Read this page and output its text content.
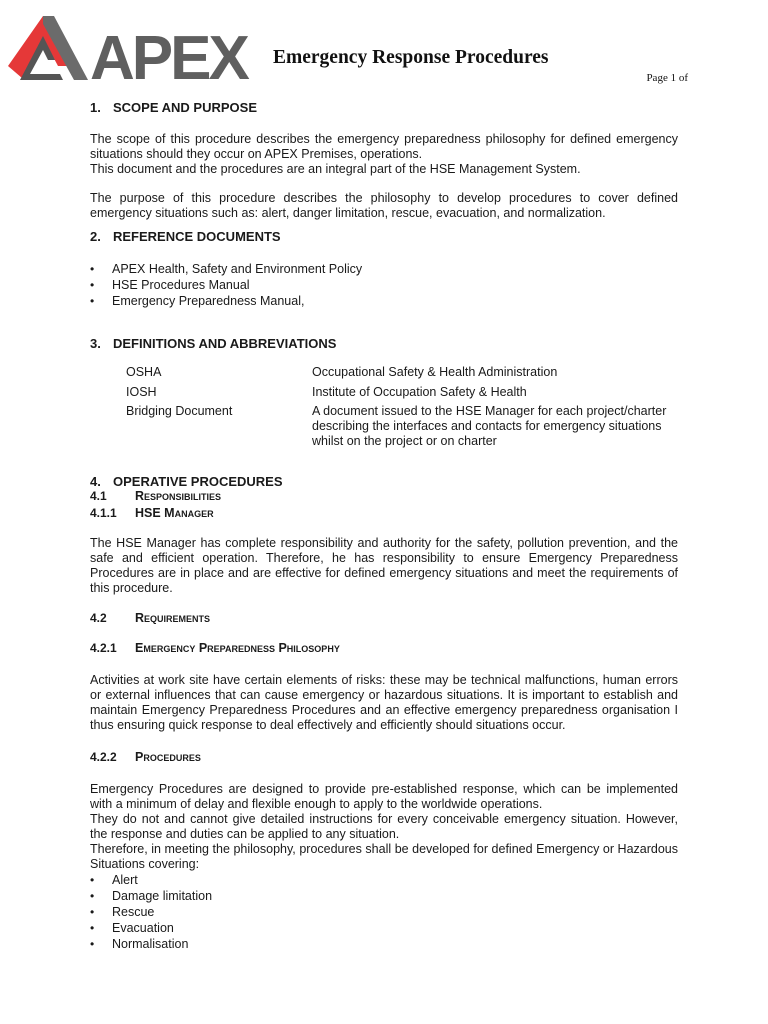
APEX Emergency Response Procedures
Page 1 of
1. SCOPE AND PURPOSE

The scope of this procedure describes the emergency preparedness philosophy for defined emergency situations should they occur on APEX Premises, operations.

This document and the procedures are an integral part of the HSE Management System.

The purpose of this procedure describes the philosophy to develop procedures to cover defined emergency situations such as: alert, danger limitation, rescue, evacuation, and normalization.

2. REFERENCE DOCUMENTS
• APEX Health, Safety and Environment Policy
• HSE Procedures Manual
• Emergency Preparedness Manual,
3. DEFINITIONS AND ABBREVIATIONS
OSHA	Occupational Safety & Health Administration
IOSH	Institute of Occupation Safety & Health
Bridging Document	A document issued to the HSE Manager for each project/charter describing the interfaces and contacts for emergency situations whilst on the project or on charter
4. OPERATIVE PROCEDURES
4.1	Responsibilities
4.1.1	HSE Manager

The HSE Manager has complete responsibility and authority for the safety, pollution prevention, and the safe and efficient operation. Therefore, he has responsibility to ensure Emergency Preparedness Procedures are in place and are effective for defined emergency situations and meet the requirements of this procedure.

4.2	Requirements
4.2.1	Emergency Preparedness Philosophy

Activities at work site have certain elements of risks: these may be technical malfunctions, human errors or external influences that can cause emergency or hazardous situations. It is important to establish and maintain Emergency Preparedness Procedures and an effective emergency preparedness organisation I thus ensuring quick response to deal effectively and efficiently should situations occur.

4.2.2	Procedures

Emergency Procedures are designed to provide pre-established response, which can be implemented with a minimum of delay and flexible enough to apply to the worldwide operations.

They do not and cannot give detailed instructions for every conceivable emergency situation. However, the response and duties can be applied to any situation.

Therefore, in meeting the philosophy, procedures shall be developed for defined Emergency or Hazardous Situations covering:

• Alert
• Damage limitation
• Rescue
• Evacuation
• Normalisation
